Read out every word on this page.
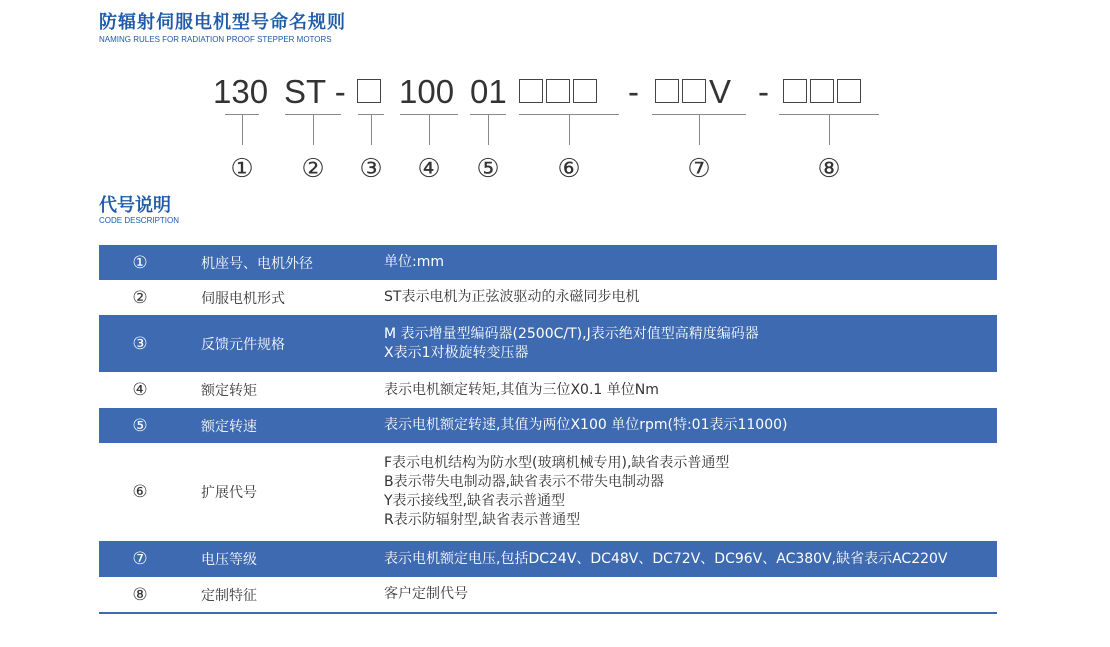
防辐射伺服电机型号命名规则
NAMING RULES FOR RADIATION PROOF STEPPER MOTORS
130 ST - 100 01	-	V -
① ② ③ ④ ⑤ ⑥	⑦	⑧
代号说明
CODE DESCRIPTION
①	机座号、电机外径	单位:mm

②	伺服电机形式	ST表示电机为正弦波驱动的永磁同步电机

③	反馈元件规格	M 表示增量型编码器(2500C/T),J表示绝对值型高精度编码器
X表示1对极旋转变压器

④	额定转矩	表示电机额定转矩,其值为三位X0.1 单位Nm

⑤	额定转速	表示电机额定转速,其值为两位X100 单位rpm(特:01表示11000)

⑥	扩展代号	F表示电机结构为防水型(玻璃机械专用),缺省表示普通型
B表示带失电制动器,缺省表示不带失电制动器
Y表示接线型,缺省表示普通型
R表示防辐射型,缺省表示普通型

⑦	电压等级	表示电机额定电压,包括DC24V、DC48V、DC72V、DC96V、AC380V,缺省表示AC220V

⑧	定制特征	客户定制代号
